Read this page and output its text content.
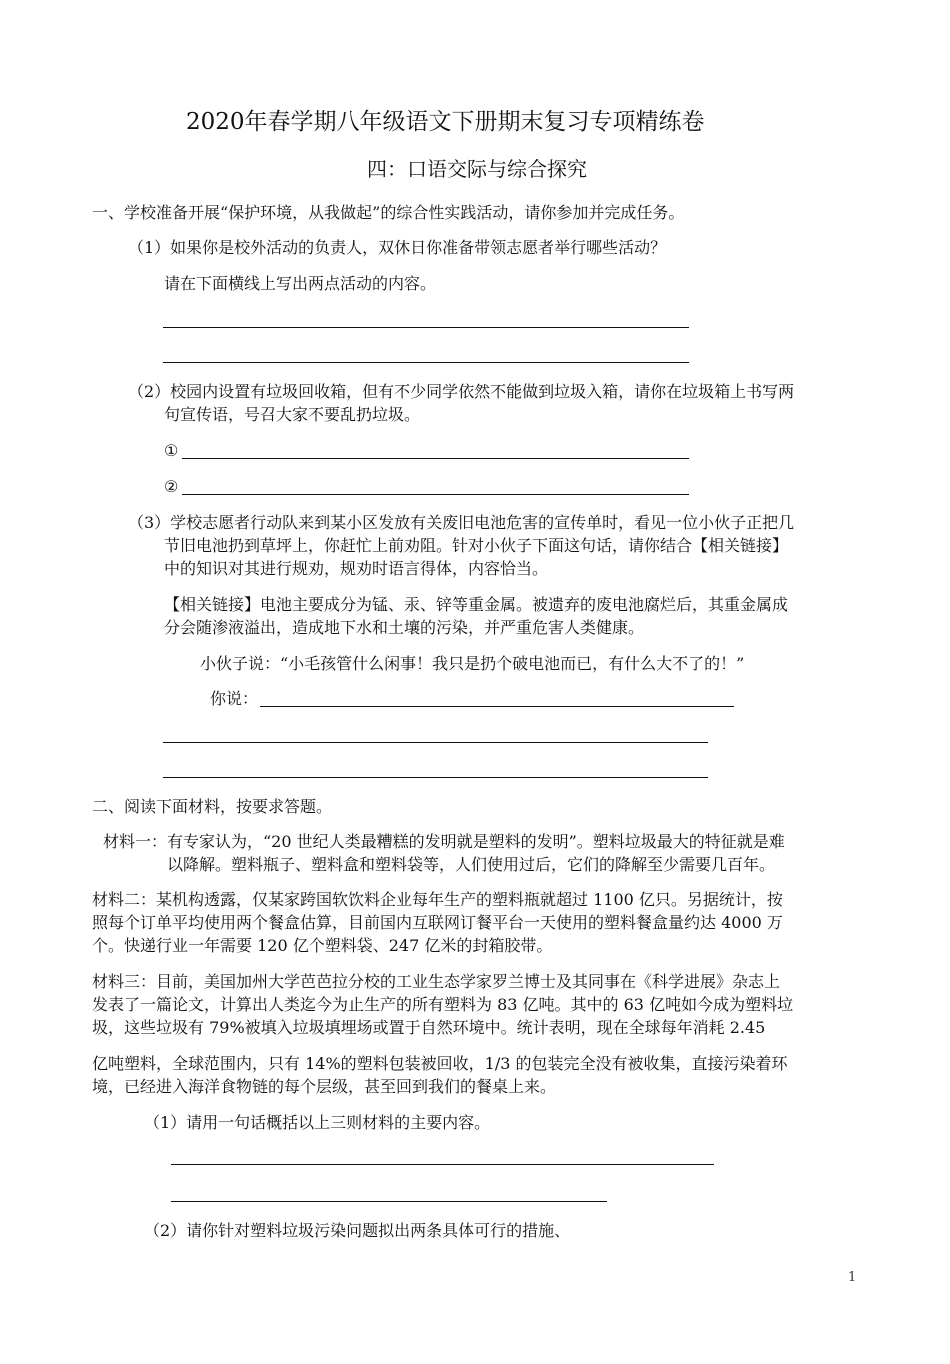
2020年春学期八年级语文下册期末复习专项精练卷
四：口语交际与综合探究
一、学校准备开展“保护环境，从我做起”的综合性实践活动，请你参加并完成任务。
（1）如果你是校外活动的负责人，双休日你准备带领志愿者举行哪些活动？
请在下面横线上写出两点活动的内容。
（2）校园内设置有垃圾回收箱，但有不少同学依然不能做到垃圾入箱，请你在垃圾箱上书写两
句宣传语，号召大家不要乱扔垃圾。
①
②
（3）学校志愿者行动队来到某小区发放有关废旧电池危害的宣传单时，看见一位小伙子正把几
节旧电池扔到草坪上，你赶忙上前劝阻。针对小伙子下面这句话，请你结合【相关链接】
中的知识对其进行规劝，规劝时语言得体，内容恰当。
【相关链接】电池主要成分为锰、汞、锌等重金属。被遗弃的废电池腐烂后，其重金属成
分会随渗液溢出，造成地下水和土壤的污染，并严重危害人类健康。
小伙子说：“小毛孩管什么闲事！我只是扔个破电池而已，有什么大不了的！”
你说：
二、阅读下面材料，按要求答题。
材料一：有专家认为，“20 世纪人类最糟糕的发明就是塑料的发明”。塑料垃圾最大的特征就是难
以降解。塑料瓶子、塑料盒和塑料袋等，人们使用过后，它们的降解至少需要几百年。
材料二：某机构透露，仅某家跨国软饮料企业每年生产的塑料瓶就超过 1100 亿只。另据统计，按
照每个订单平均使用两个餐盒估算，目前国内互联网订餐平台一天使用的塑料餐盒量约达 4000 万
个。快递行业一年需要 120 亿个塑料袋、247 亿米的封箱胶带。
材料三：目前，美国加州大学芭芭拉分校的工业生态学家罗兰博士及其同事在《科学进展》杂志上
发表了一篇论文，计算出人类迄今为止生产的所有塑料为 83 亿吨。其中的 63 亿吨如今成为塑料垃
圾，这些垃圾有 79%被填入垃圾填埋场或置于自然环境中。统计表明，现在全球每年消耗 2.45
亿吨塑料，全球范围内，只有 14%的塑料包装被回收，1/3 的包装完全没有被收集，直接污染着环
境，已经进入海洋食物链的每个层级，甚至回到我们的餐桌上来。
（1）请用一句话概括以上三则材料的主要内容。
（2）请你针对塑料垃圾污染问题拟出两条具体可行的措施、
1
